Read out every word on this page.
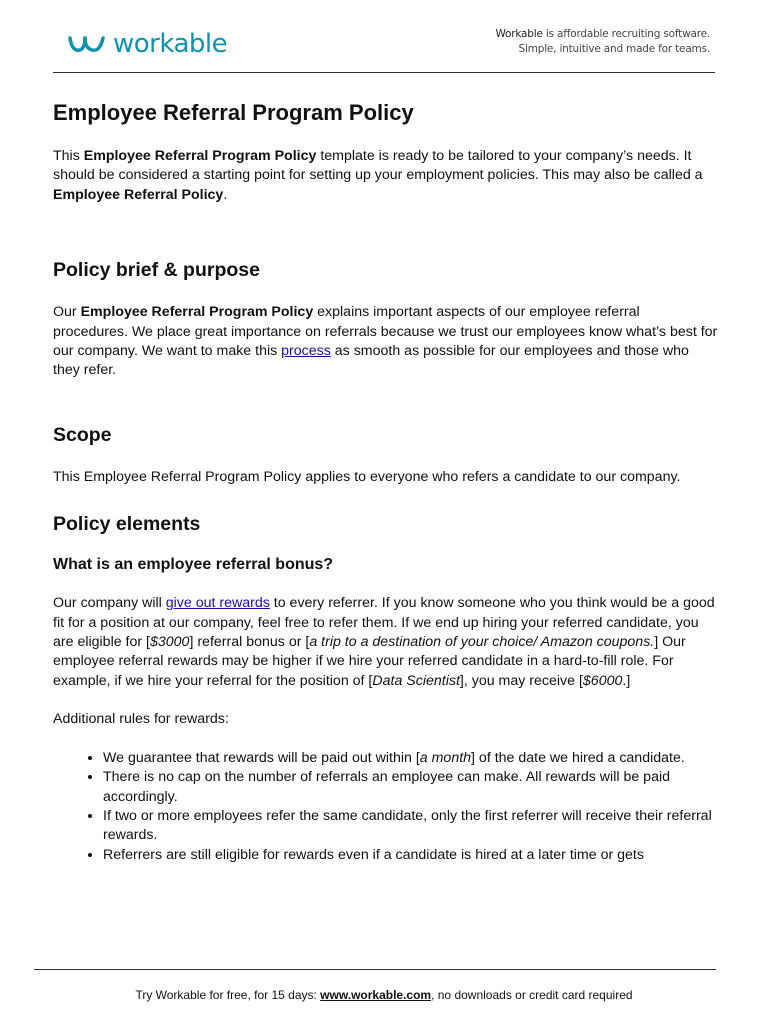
workable	Workable is affordable recruiting software.
Simple, intuitive and made for teams.
Employee Referral Program Policy

This Employee Referral Program Policy template is ready to be tailored to your company’s needs. It should be considered a starting point for setting up your employment policies. This may also be called a Employee Referral Policy.

Policy brief & purpose

Our Employee Referral Program Policy explains important aspects of our employee referral procedures. We place great importance on referrals because we trust our employees know what’s best for our company. We want to make this process as smooth as possible for our employees and those who they refer.

Scope

This Employee Referral Program Policy applies to everyone who refers a candidate to our company.

Policy elements
What is an employee referral bonus?

Our company will give out rewards to every referrer. If you know someone who you think would be a good fit for a position at our company, feel free to refer them. If we end up hiring your referred candidate, you are eligible for [$3000] referral bonus or [a trip to a destination of your choice/ Amazon coupons.] Our employee referral rewards may be higher if we hire your referred candidate in a hard-to-fill role. For example, if we hire your referral for the position of [Data Scientist], you may receive [$6000.]

Additional rules for rewards:

• We guarantee that rewards will be paid out within [a month] of the date we hired a candidate.
• There is no cap on the number of referrals an employee can make. All rewards will be paid accordingly.
• If two or more employees refer the same candidate, only the first referrer will receive their referral rewards.
• Referrers are still eligible for rewards even if a candidate is hired at a later time or gets
Try Workable for free, for 15 days: www.workable.com, no downloads or credit card required
